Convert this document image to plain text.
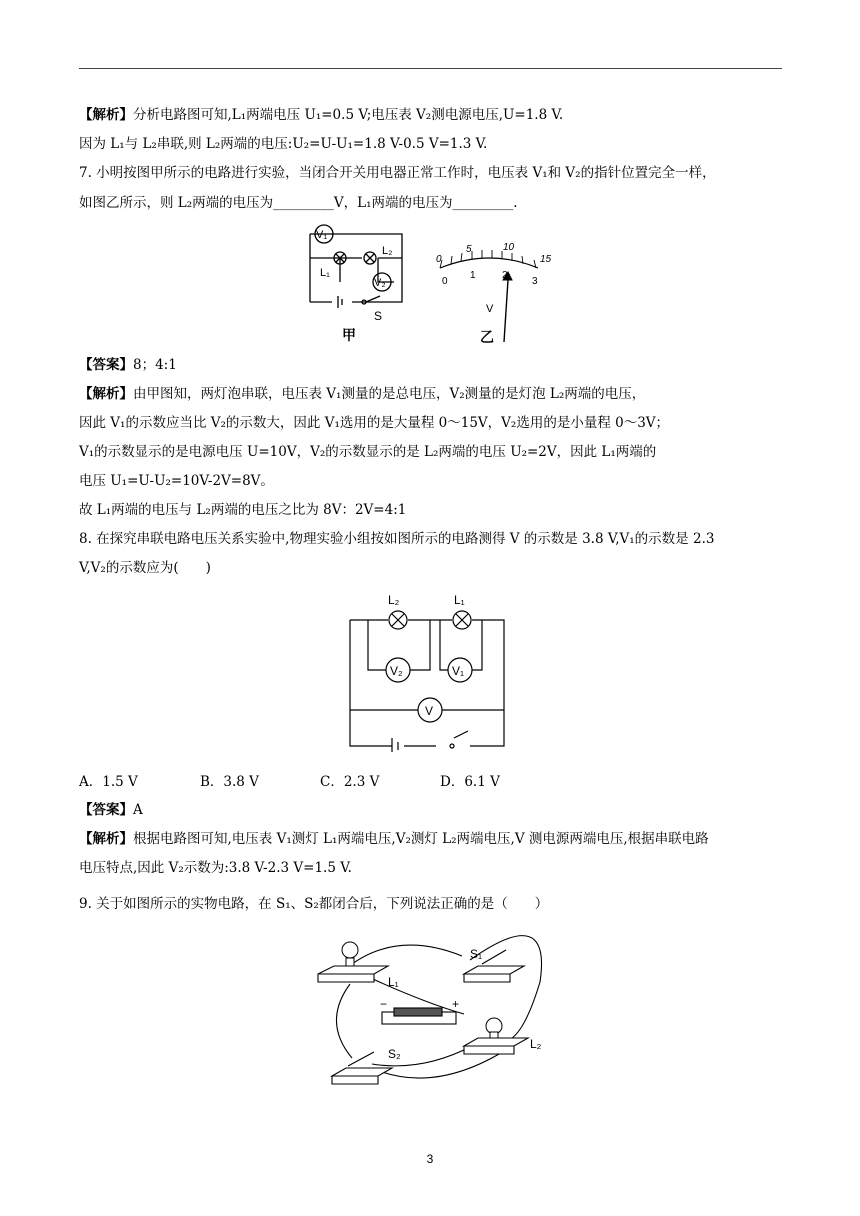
【解析】分析电路图可知,L₁两端电压 U₁=0.5 V;电压表 V₂测电源电压,U=1.8 V.
因为 L₁与 L₂串联,则 L₂两端的电压:U₂=U-U₁=1.8 V-0.5 V=1.3 V.
7. 小明按图甲所示的电路进行实验，当闭合开关用电器正常工作时，电压表 V₁和 V₂的指针位置完全一样，
如图乙所示，则 L₂两端的电压为_________V，L₁两端的电压为_________.
V₁
L₂
L₁
V₂
S
甲
0
5	10
15
0
1	2
3
V
乙
【答案】8；4:1
【解析】由甲图知，两灯泡串联，电压表 V₁测量的是总电压，V₂测量的是灯泡 L₂两端的电压，
因此 V₁的示数应当比 V₂的示数大，因此 V₁选用的是大量程 0～15V，V₂选用的是小量程 0～3V；
V₁的示数显示的是电源电压 U=10V，V₂的示数显示的是 L₂两端的电压 U₂=2V，因此 L₁两端的
电压 U₁=U-U₂=10V-2V=8V。
故 L₁两端的电压与 L₂两端的电压之比为 8V：2V=4:1
8. 在探究串联电路电压关系实验中,物理实验小组按如图所示的电路测得 V 的示数是 3.8 V,V₁的示数是 2.3
V,V₂的示数应为(　　)
L₂	L₁
V₂	V₁
V
A．1.5 V	B．3.8 V	C．2.3 V	D．6.1 V
【答案】A
【解析】根据电路图可知,电压表 V₁测灯 L₁两端电压,V₂测灯 L₂两端电压,V 测电源两端电压,根据串联电路
电压特点,因此 V₂示数为:3.8 V-2.3 V=1.5 V.
9. 关于如图所示的实物电路，在 S₁、S₂都闭合后，下列说法正确的是（　　）
L₁
S₁
−	+
S₂
L₂
3
